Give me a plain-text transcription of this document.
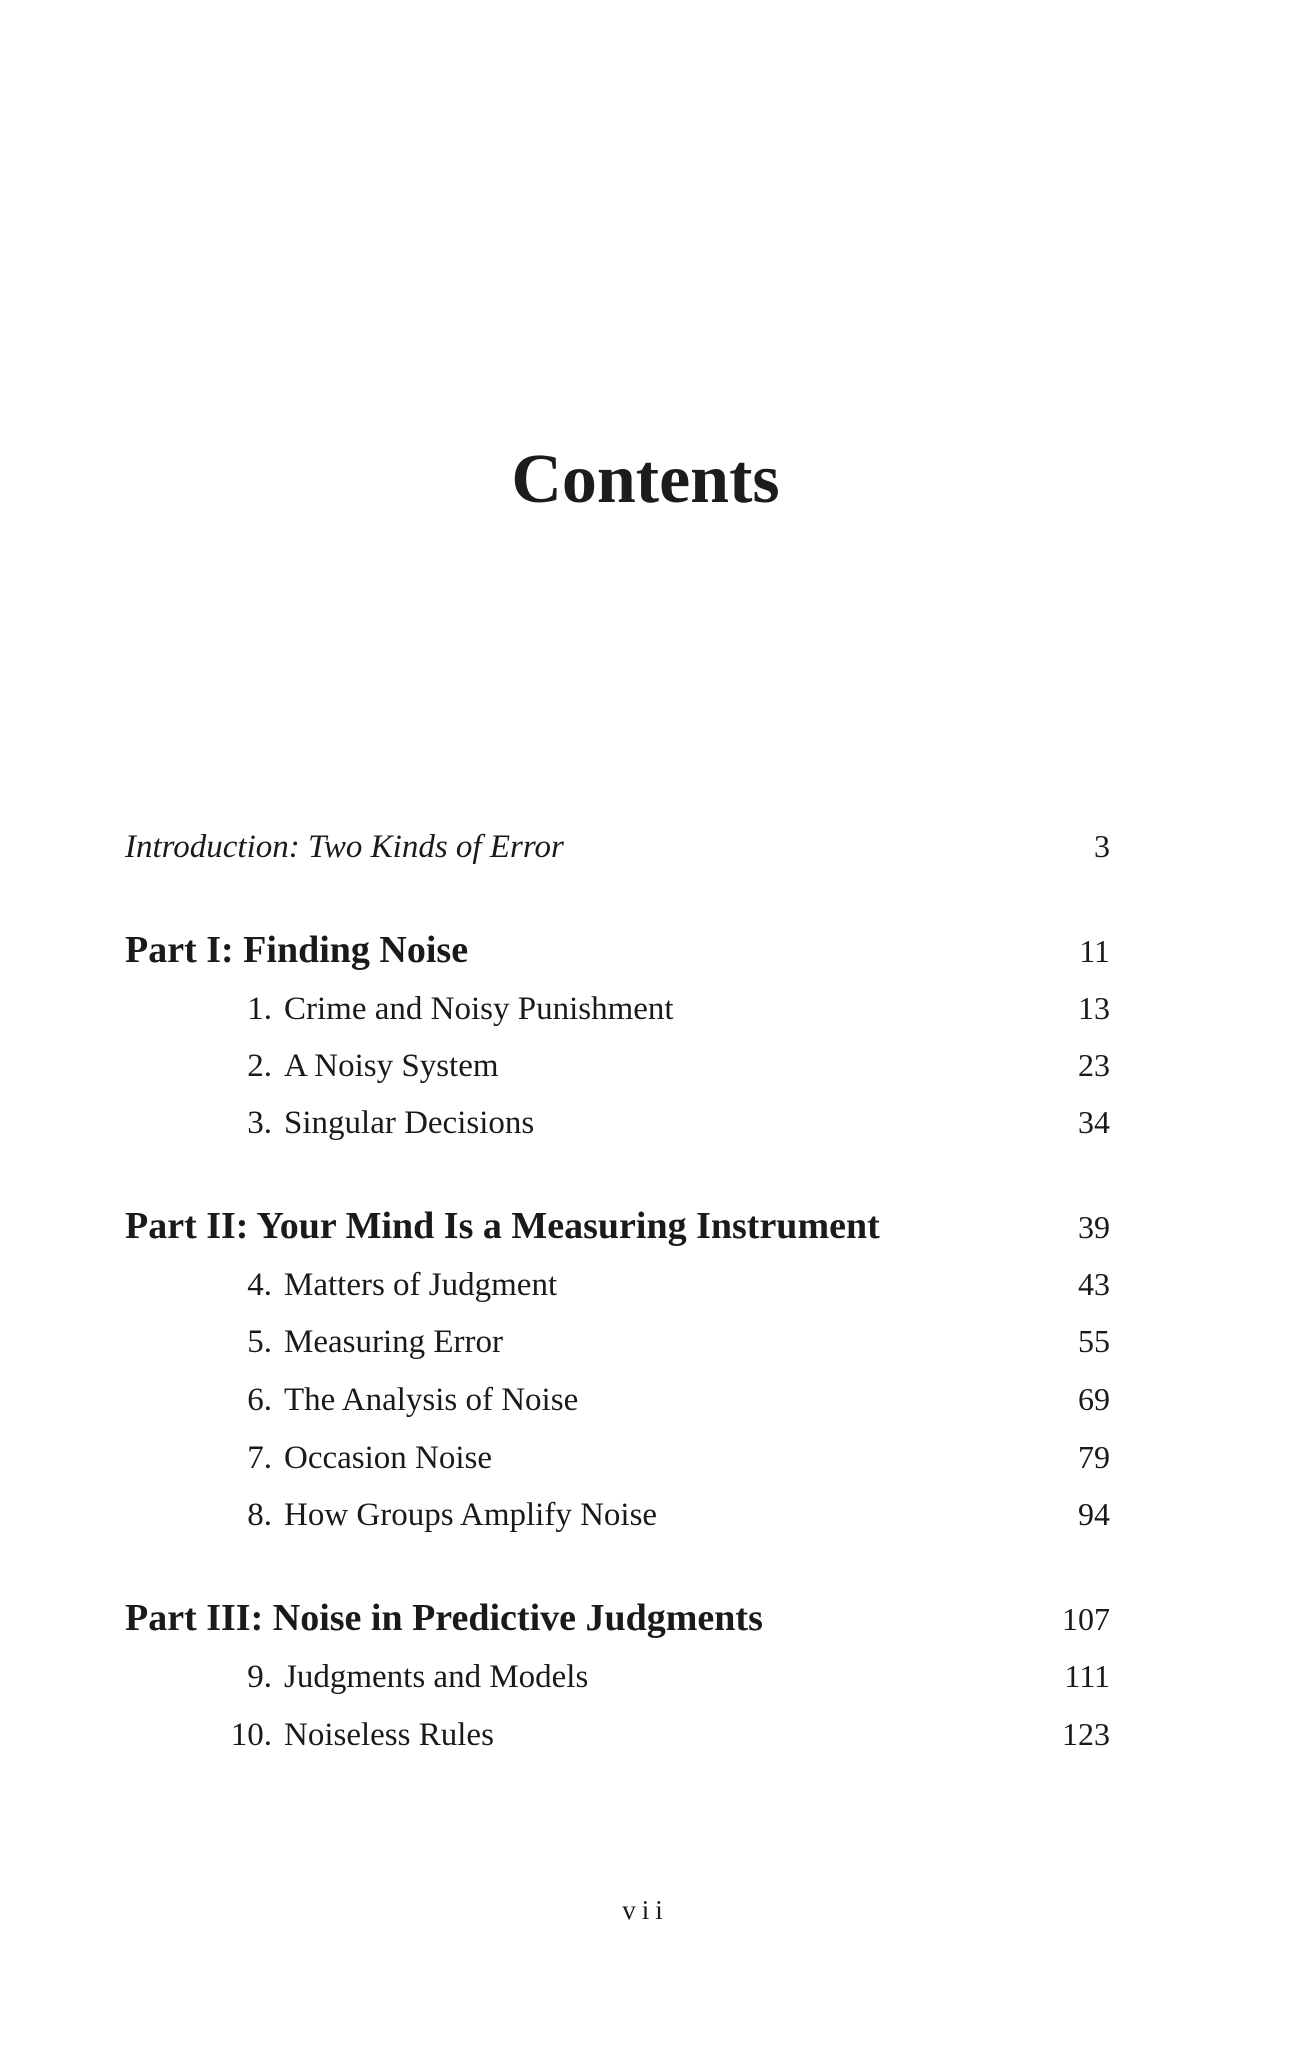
Contents
Introduction: Two Kinds of Error	3
Part I: Finding Noise	11
1. Crime and Noisy Punishment	13
2. A Noisy System	23
3. Singular Decisions	34
Part II: Your Mind Is a Measuring Instrument	39
4. Matters of Judgment	43
5. Measuring Error	55
6. The Analysis of Noise	69
7. Occasion Noise	79
8. How Groups Amplify Noise	94
Part III: Noise in Predictive Judgments	107
9. Judgments and Models	111
10. Noiseless Rules	123
vii
